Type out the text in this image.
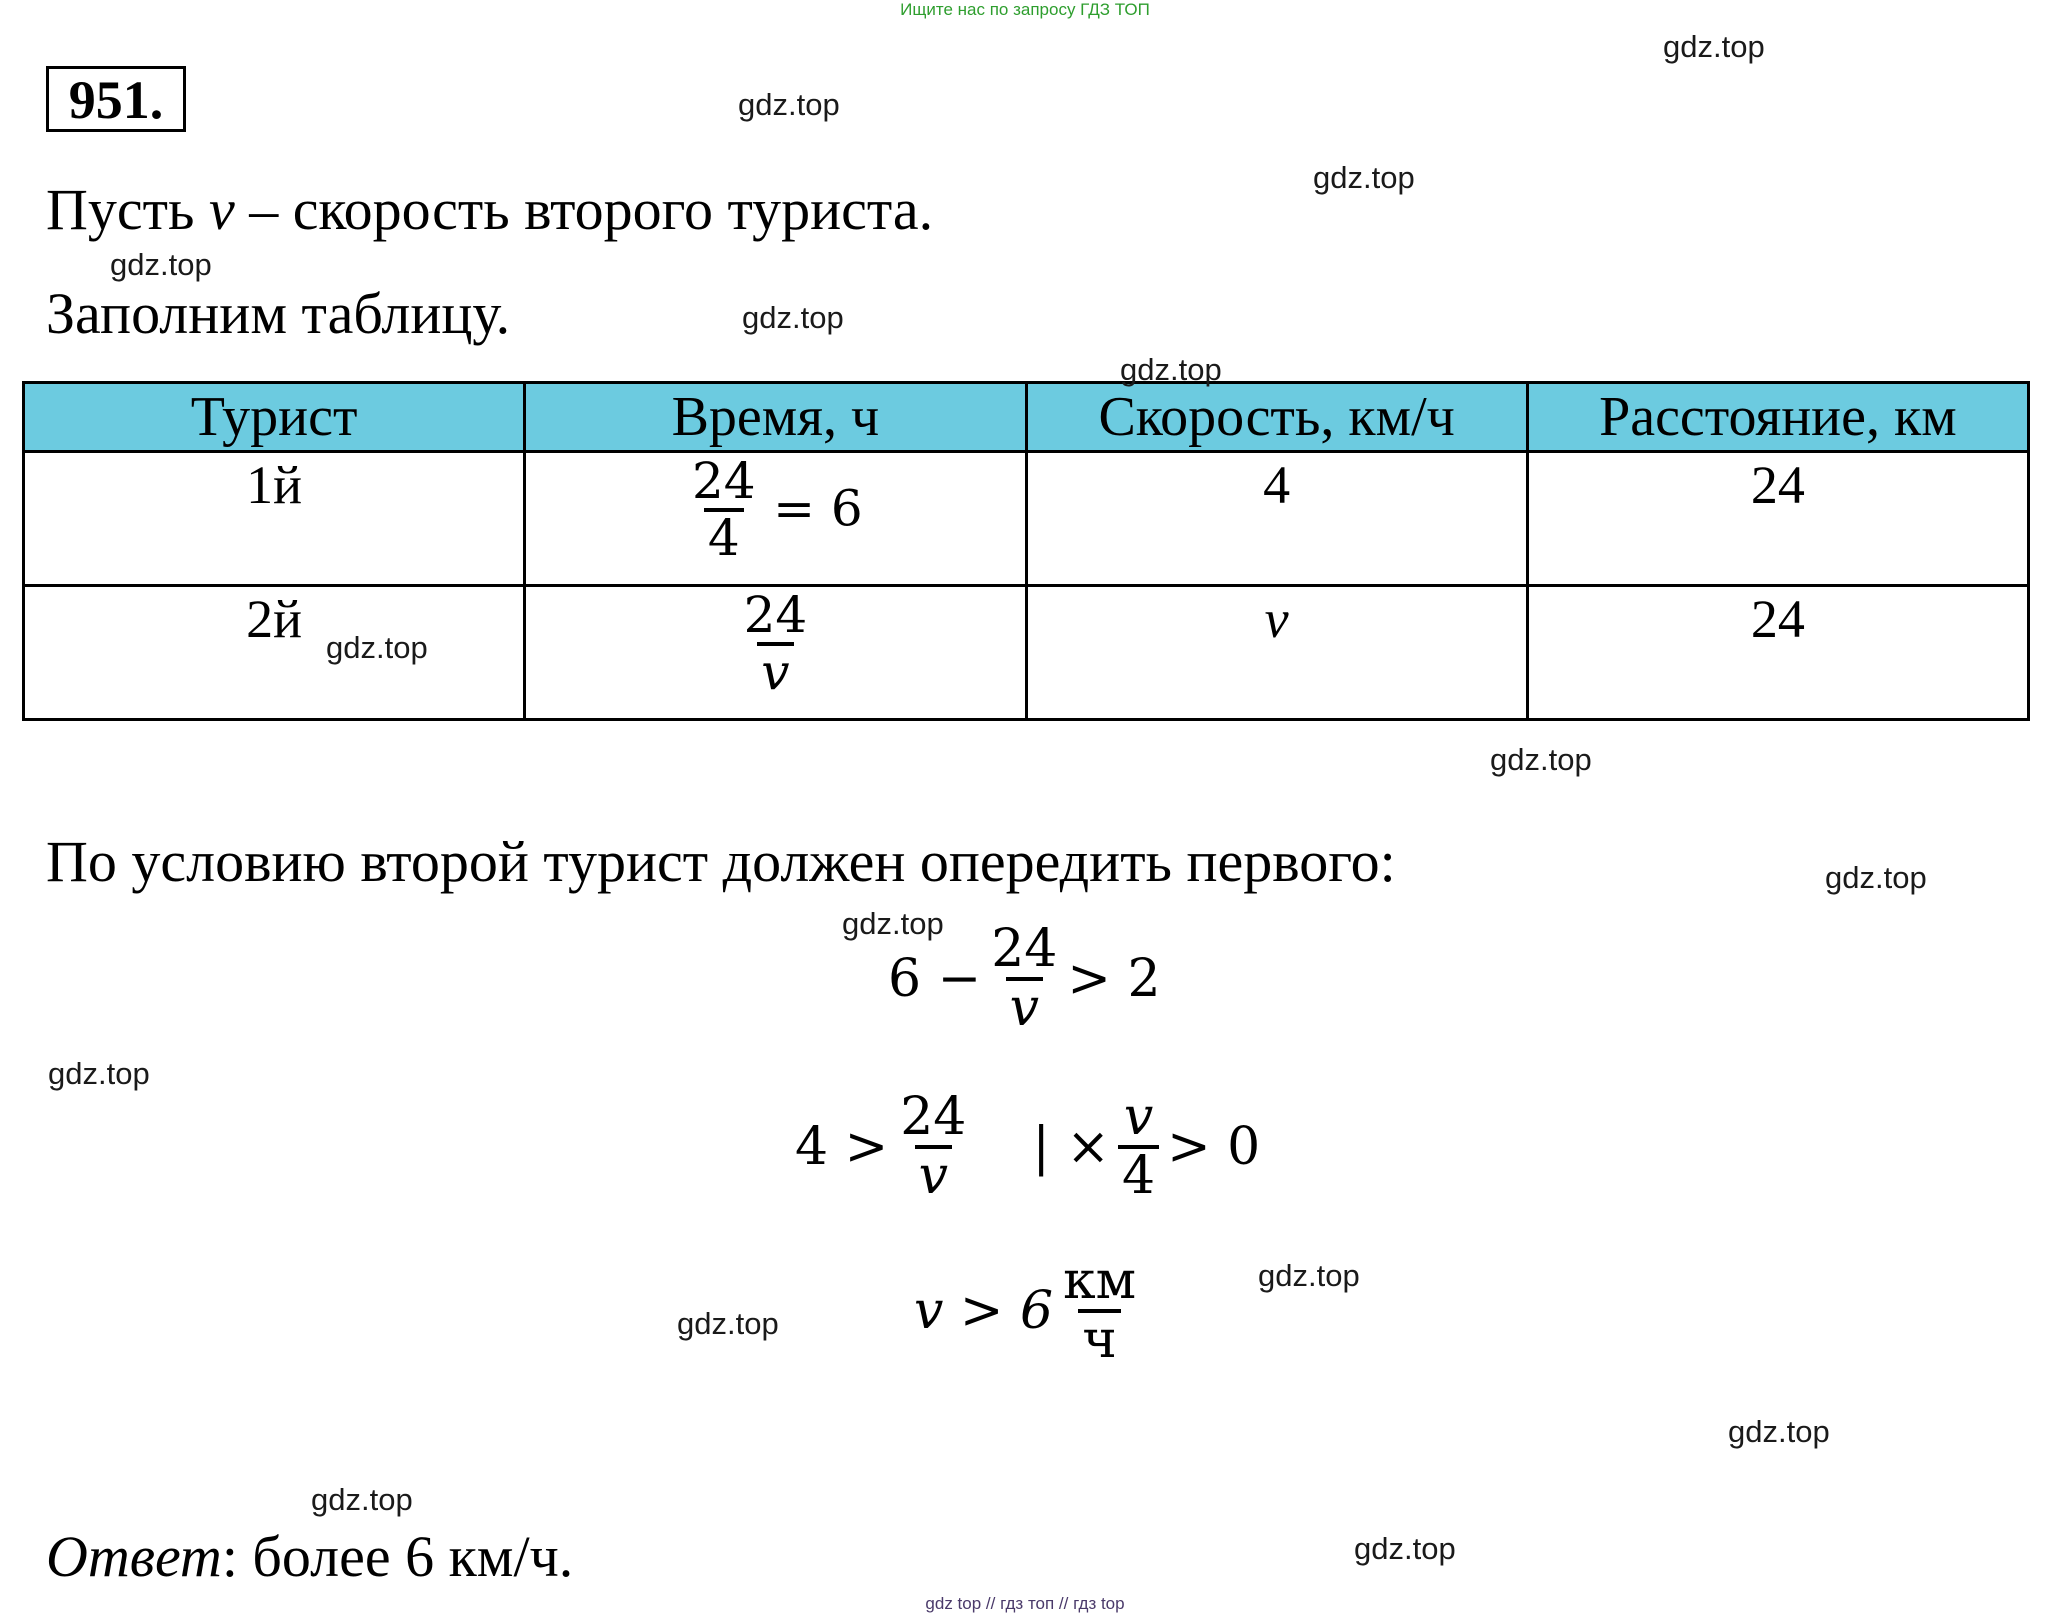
Ищите нас по запросу ГДЗ ТОП
951.
Пусть v – скорость второго туриста.
Заполним таблицу.
Турист	Время, ч	Скорость, км/ч	Расстояние, км
1й	$\frac{24}{4} = 6$	4	24
2й	$\frac{24}{v}$	v	24
По условию второй турист должен опередить первого:
$6 - \frac{24}{v} > 2$
$4 > \frac{24}{v}$ | × $\frac{v}{4} > 0$
$v > 6 \frac{км}{ч}$
Ответ: более 6 км/ч.
gdz.top
gdz.top
gdz.top
gdz.top
gdz.top
gdz.top
gdz.top
gdz.top
gdz.top
gdz.top
gdz.top
gdz.top
gdz.top
gdz.top
gdz.top
gdz.top
gdz top // гдз топ // гдз top
